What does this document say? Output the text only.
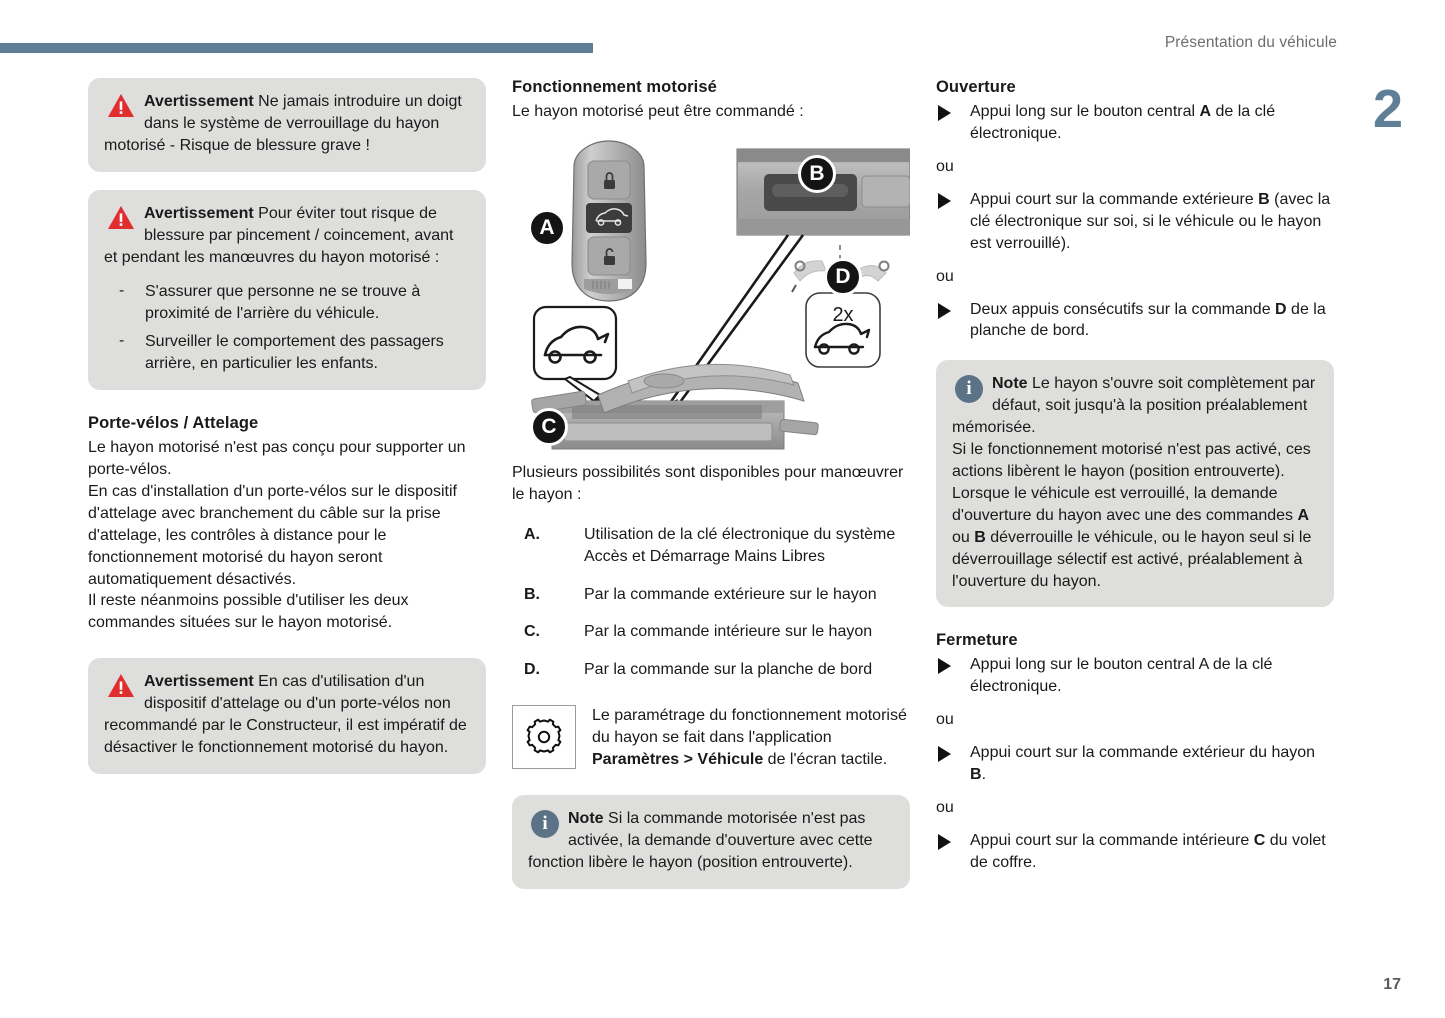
Présentation du véhicule
2
17
Avertissement Ne jamais introduire un doigt dans le système de verrouillage du hayon motorisé - Risque de blessure grave !
Avertissement Pour éviter tout risque de blessure par pincement / coincement, avant et pendant les manœuvres du hayon motorisé :
- S'assurer que personne ne se trouve à proximité de l'arrière du véhicule.
- Surveiller le comportement des passagers arrière, en particulier les enfants.
Porte-vélos / Attelage

Le hayon motorisé n'est pas conçu pour supporter un porte-vélos.

En cas d'installation d'un porte-vélos sur le dispositif d'attelage avec branchement du câble sur la prise d'attelage, les contrôles à distance pour le fonctionnement motorisé du hayon seront automatiquement désactivés.

Il reste néanmoins possible d'utiliser les deux commandes situées sur le hayon motorisé.

Avertissement En cas d'utilisation d'un dispositif d'attelage ou d'un porte-vélos non recommandé par le Constructeur, il est impératif de désactiver le fonctionnement motorisé du hayon.
Fonctionnement motorisé

Le hayon motorisé peut être commandé :

A
B
C
D
2x

Plusieurs possibilités sont disponibles pour manœuvrer le hayon :

A.	Utilisation de la clé électronique du système Accès et Démarrage Mains Libres
B.	Par la commande extérieure sur le hayon
C.	Par la commande intérieure sur le hayon
D.	Par la commande sur la planche de bord
Le paramétrage du fonctionnement motorisé du hayon se fait dans l'application Paramètres > Véhicule de l'écran tactile.
i	Note Si la commande motorisée n'est pas activée, la demande d'ouverture avec cette fonction libère le hayon (position entrouverte).
Ouverture
Appui long sur le bouton central A de la clé électronique.
ou
Appui court sur la commande extérieure B (avec la clé électronique sur soi, si le véhicule ou le hayon est verrouillé).
ou
Deux appuis consécutifs sur la commande D de la planche de bord.
i	Note Le hayon s'ouvre soit complètement par défaut, soit jusqu'à la position préalablement mémorisée.
Si le fonctionnement motorisé n'est pas activé, ces actions libèrent le hayon (position entrouverte).
Lorsque le véhicule est verrouillé, la demande d'ouverture du hayon avec une des commandes A ou B déverrouille le véhicule, ou le hayon seul si le déverrouillage sélectif est activé, préalablement à l'ouverture du hayon.
Fermeture
Appui long sur le bouton central A de la clé électronique.
ou
Appui court sur la commande extérieur du hayon B.
ou
Appui court sur la commande intérieure C du volet de coffre.
